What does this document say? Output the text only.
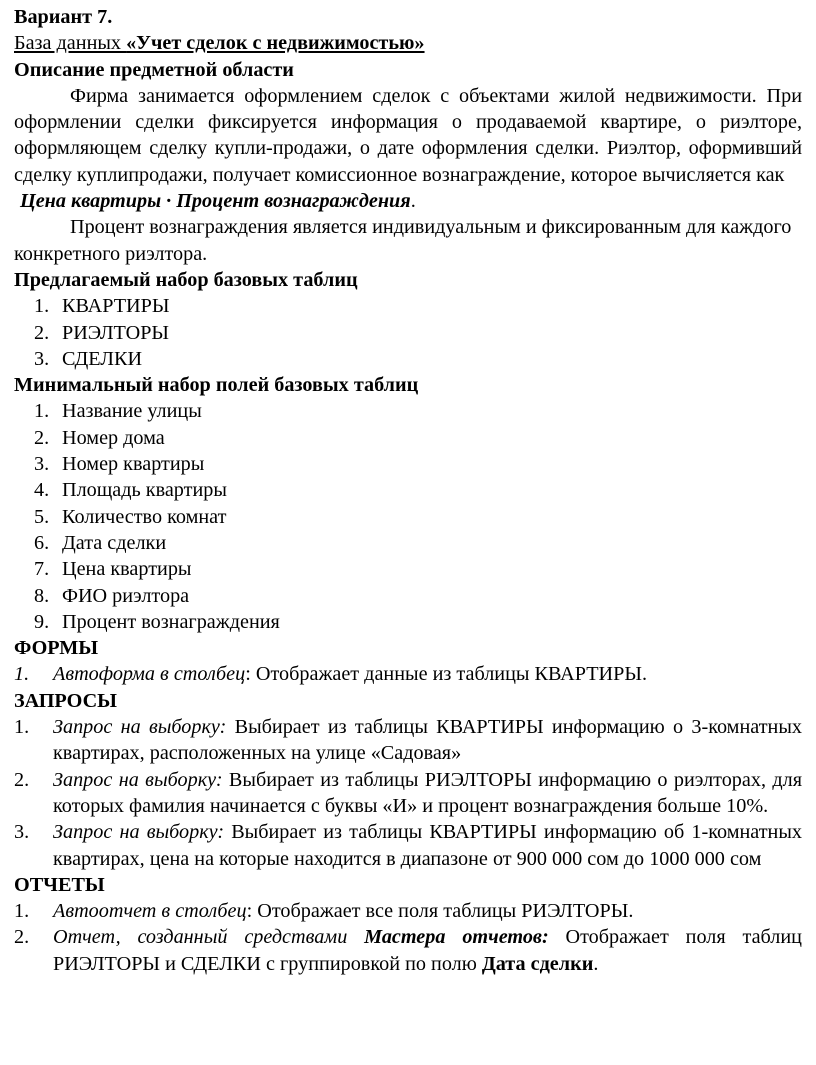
Вариант 7.

База данных «Учет сделок с недвижимостью»

Описание предметной области

Фирма занимается оформлением сделок с объектами жилой недвижимости. При оформлении сделки фиксируется информация о продаваемой квартире, о риэлторе, оформляющем сделку купли-продажи, о дате оформления сделки. Риэлтор, оформивший сделку куплипродажи, получает комиссионное вознаграждение, которое вычисляется как

Цена квартиры · Процент вознаграждения.

Процент вознаграждения является индивидуальным и фиксированным для каждого конкретного риэлтора.

Предлагаемый набор базовых таблиц

1. КВАРТИРЫ
2. РИЭЛТОРЫ
3. СДЕЛКИ

Минимальный набор полей базовых таблиц

1. Название улицы
2. Номер дома
3. Номер квартиры
4. Площадь квартиры
5. Количество комнат
6. Дата сделки
7. Цена квартиры
8. ФИО риэлтора
9. Процент вознаграждения

ФОРМЫ

1. Автоформа в столбец: Отображает данные из таблицы КВАРТИРЫ.

ЗАПРОСЫ

1. Запрос на выборку: Выбирает из таблицы КВАРТИРЫ информацию о 3-комнатных квартирах, расположенных на улице «Садовая»
2. Запрос на выборку: Выбирает из таблицы РИЭЛТОРЫ информацию о риэлторах, для которых фамилия начинается с буквы «И» и процент вознаграждения больше 10%.
3. Запрос на выборку: Выбирает из таблицы КВАРТИРЫ информацию об 1-комнатных квартирах, цена на которые находится в диапазоне от 900 000 сом до 1000 000 сом

ОТЧЕТЫ

1. Автоотчет в столбец: Отображает все поля таблицы РИЭЛТОРЫ.
2. Отчет, созданный средствами Мастера отчетов: Отображает поля таблиц РИЭЛТОРЫ и СДЕЛКИ с группировкой по полю Дата сделки.
